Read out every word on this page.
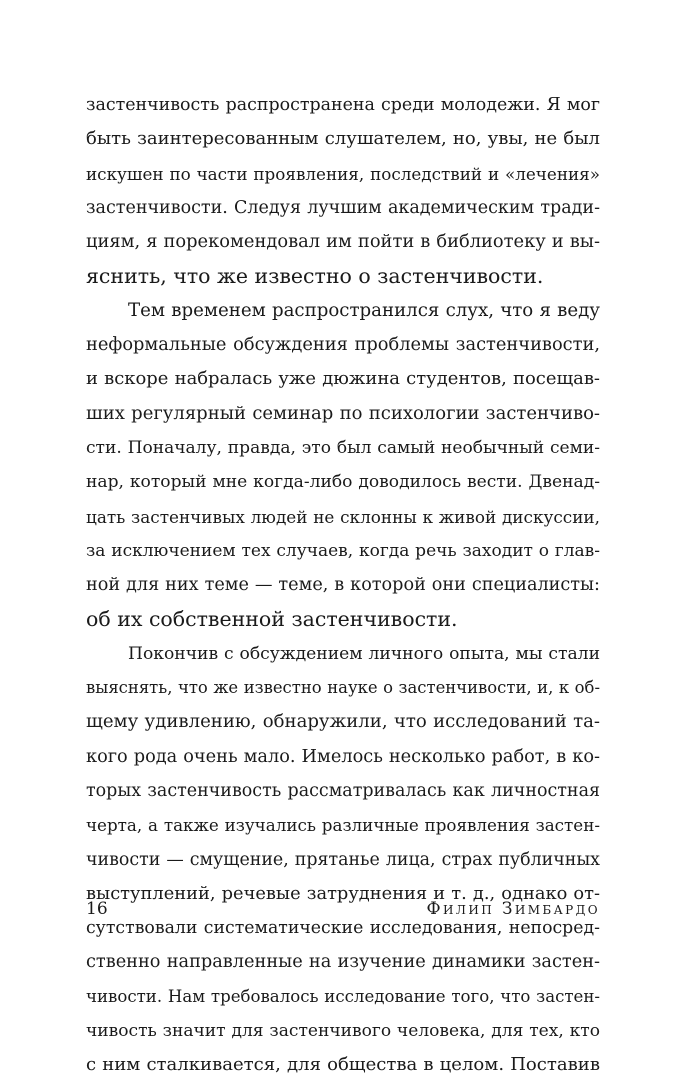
застенчивость распространена среди молодежи. Я мог
быть заинтересованным слушателем, но, увы, не был
искушен по части проявления, последствий и «лечения»
застенчивости. Следуя лучшим академическим тради-
циям, я порекомендовал им пойти в библиотеку и вы-
яснить, что же известно о застенчивости.
Тем временем распространился слух, что я веду
неформальные обсуждения проблемы застенчивости,
и вскоре набралась уже дюжина студентов, посещав-
ших регулярный семинар по психологии застенчиво-
сти. Поначалу, правда, это был самый необычный семи-
нар, который мне когда-либо доводилось вести. Двенад-
цать застенчивых людей не склонны к живой дискуссии,
за исключением тех случаев, когда речь заходит о глав-
ной для них теме — теме, в которой они специалисты:
об их собственной застенчивости.
Покончив с обсуждением личного опыта, мы стали
выяснять, что же известно науке о застенчивости, и, к об-
щему удивлению, обнаружили, что исследований та-
кого рода очень мало. Имелось несколько работ, в ко-
торых застенчивость рассматривалась как личностная
черта, а также изучались различные проявления застен-
чивости — смущение, прятанье лица, страх публичных
выступлений, речевые затруднения и т. д., однако от-
сутствовали систематические исследования, непосред-
ственно направленные на изучение динамики застен-
чивости. Нам требовалось исследование того, что застен-
чивость значит для застенчивого человека, для тех, кто
с ним сталкивается, для общества в целом. Поставив
16	Филип Зимбардо
